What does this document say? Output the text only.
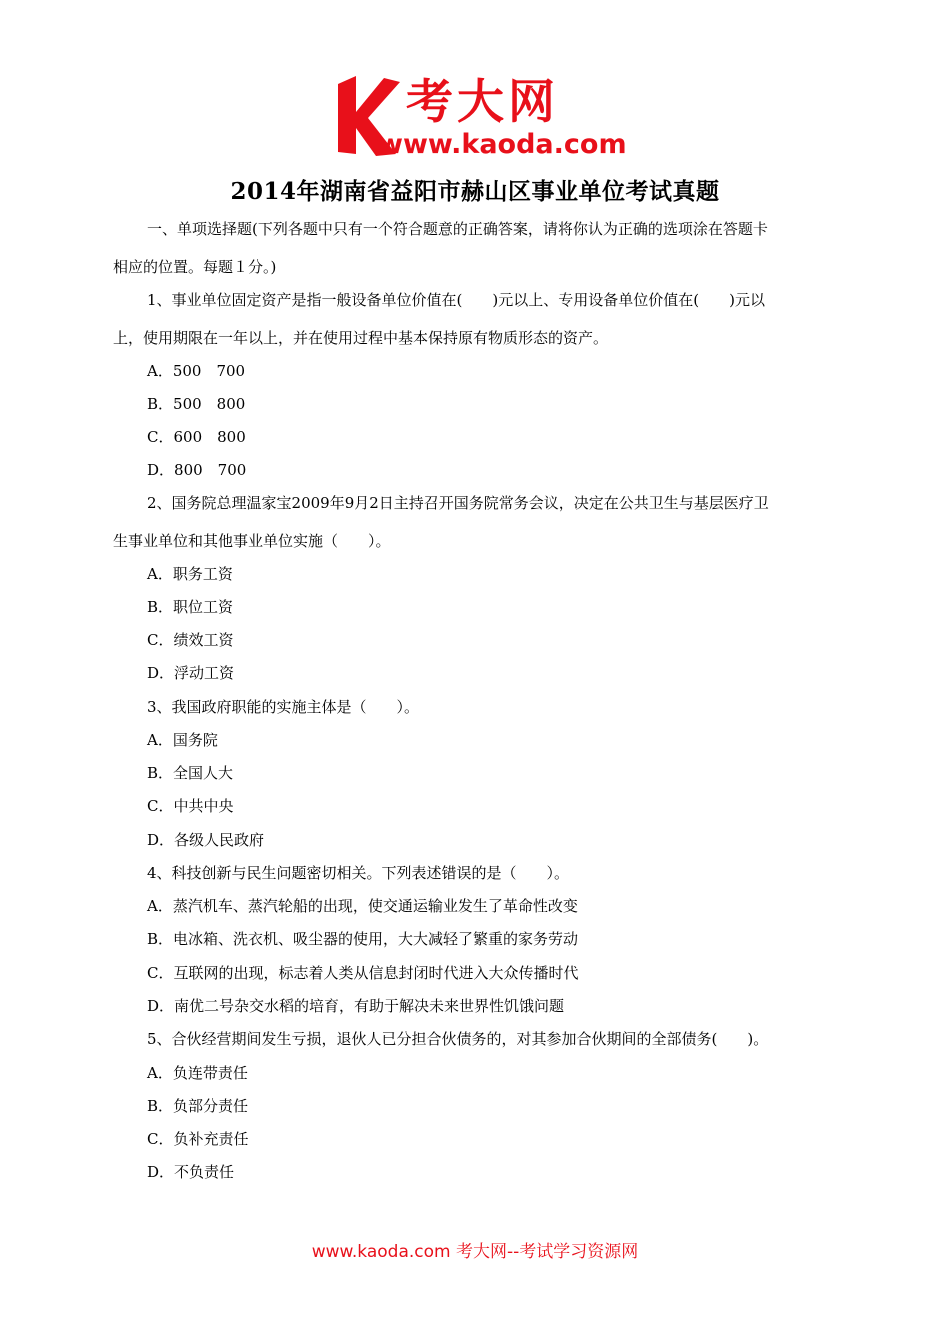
考大网
www.kaoda.com
2014年湖南省益阳市赫山区事业单位考试真题
一、单项选择题(下列各题中只有一个符合题意的正确答案，请将你认为正确的选项涂在答题卡
相应的位置。每题１分。)
1、事业单位固定资产是指一般设备单位价值在(　　)元以上、专用设备单位价值在(　　)元以
上，使用期限在一年以上，并在使用过程中基本保持原有物质形态的资产。
A．500　700
B．500　800
C．600　800
D．800　700
2、国务院总理温家宝2009年9月2日主持召开国务院常务会议，决定在公共卫生与基层医疗卫
生事业单位和其他事业单位实施（　　）。
A．职务工资
B．职位工资
C．绩效工资
D．浮动工资
3、我国政府职能的实施主体是（　　）。
A．国务院
B．全国人大
C．中共中央
D．各级人民政府
4、科技创新与民生问题密切相关。下列表述错误的是（　　）。
A．蒸汽机车、蒸汽轮船的出现，使交通运输业发生了革命性改变
B．电冰箱、洗衣机、吸尘器的使用，大大减轻了繁重的家务劳动
C．互联网的出现，标志着人类从信息封闭时代进入大众传播时代
D．南优二号杂交水稻的培育，有助于解决未来世界性饥饿问题
5、合伙经营期间发生亏损，退伙人已分担合伙债务的，对其参加合伙期间的全部债务(　　)。
A．负连带责任
B．负部分责任
C．负补充责任
D．不负责任
www.kaoda.com 考大网--考试学习资源网
